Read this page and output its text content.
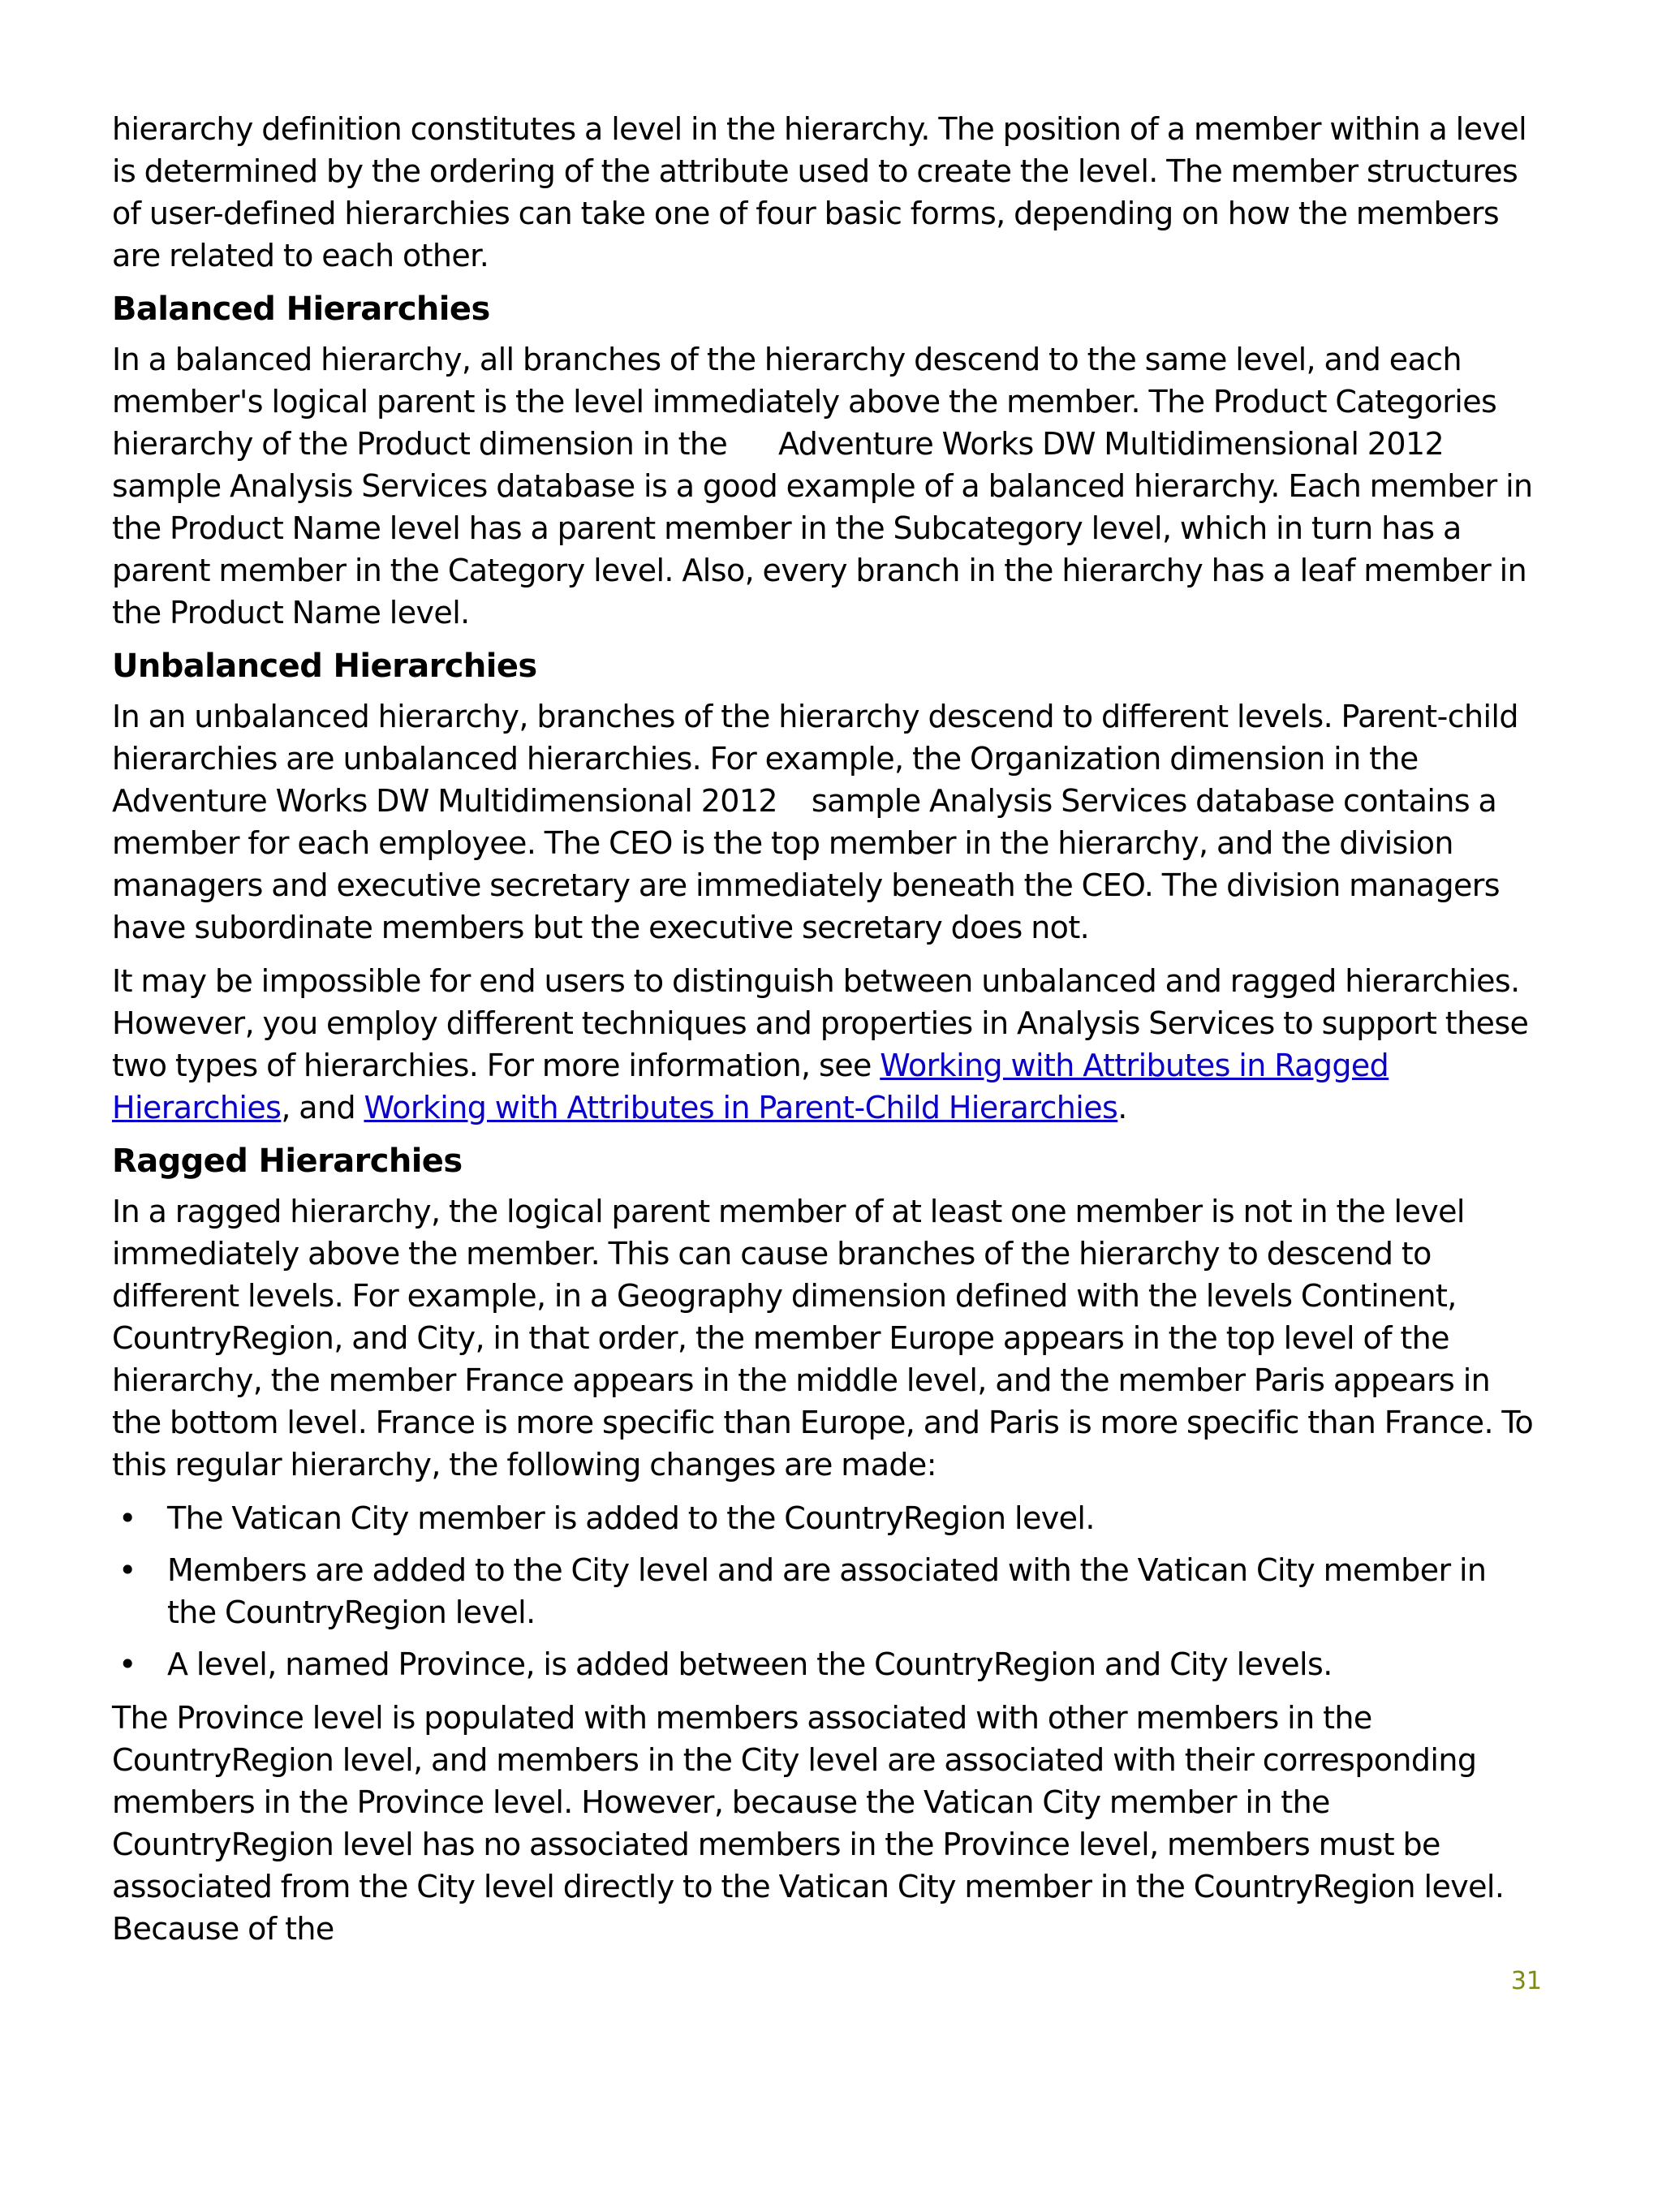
hierarchy definition constitutes a level in the hierarchy. The position of a member within a level is determined by the ordering of the attribute used to create the level. The member structures of user-defined hierarchies can take one of four basic forms, depending on how the members are related to each other.

Balanced Hierarchies

In a balanced hierarchy, all branches of the hierarchy descend to the same level, and each member's logical parent is the level immediately above the member. The Product Categories hierarchy of the Product dimension in the      Adventure Works DW Multidimensional 2012 sample Analysis Services database is a good example of a balanced hierarchy. Each member in the Product Name level has a parent member in the Subcategory level, which in turn has a parent member in the Category level. Also, every branch in the hierarchy has a leaf member in the Product Name level.

Unbalanced Hierarchies

In an unbalanced hierarchy, branches of the hierarchy descend to different levels. Parent-child hierarchies are unbalanced hierarchies. For example, the Organization dimension in the Adventure Works DW Multidimensional 2012    sample Analysis Services database contains a member for each employee. The CEO is the top member in the hierarchy, and the division managers and executive secretary are immediately beneath the CEO. The division managers have subordinate members but the executive secretary does not.

It may be impossible for end users to distinguish between unbalanced and ragged hierarchies. However, you employ different techniques and properties in Analysis Services to support these two types of hierarchies. For more information, see Working with Attributes in Ragged Hierarchies, and Working with Attributes in Parent-Child Hierarchies.

Ragged Hierarchies

In a ragged hierarchy, the logical parent member of at least one member is not in the level immediately above the member. This can cause branches of the hierarchy to descend to different levels. For example, in a Geography dimension defined with the levels Continent, CountryRegion, and City, in that order, the member Europe appears in the top level of the hierarchy, the member France appears in the middle level, and the member Paris appears in the bottom level. France is more specific than Europe, and Paris is more specific than France. To this regular hierarchy, the following changes are made:

• The Vatican City member is added to the CountryRegion level.
• Members are added to the City level and are associated with the Vatican City member in the CountryRegion level.
• A level, named Province, is added between the CountryRegion and City levels.

The Province level is populated with members associated with other members in the CountryRegion level, and members in the City level are associated with their corresponding members in the Province level. However, because the Vatican City member in the CountryRegion level has no associated members in the Province level, members must be associated from the City level directly to the Vatican City member in the CountryRegion level. Because of the

31
